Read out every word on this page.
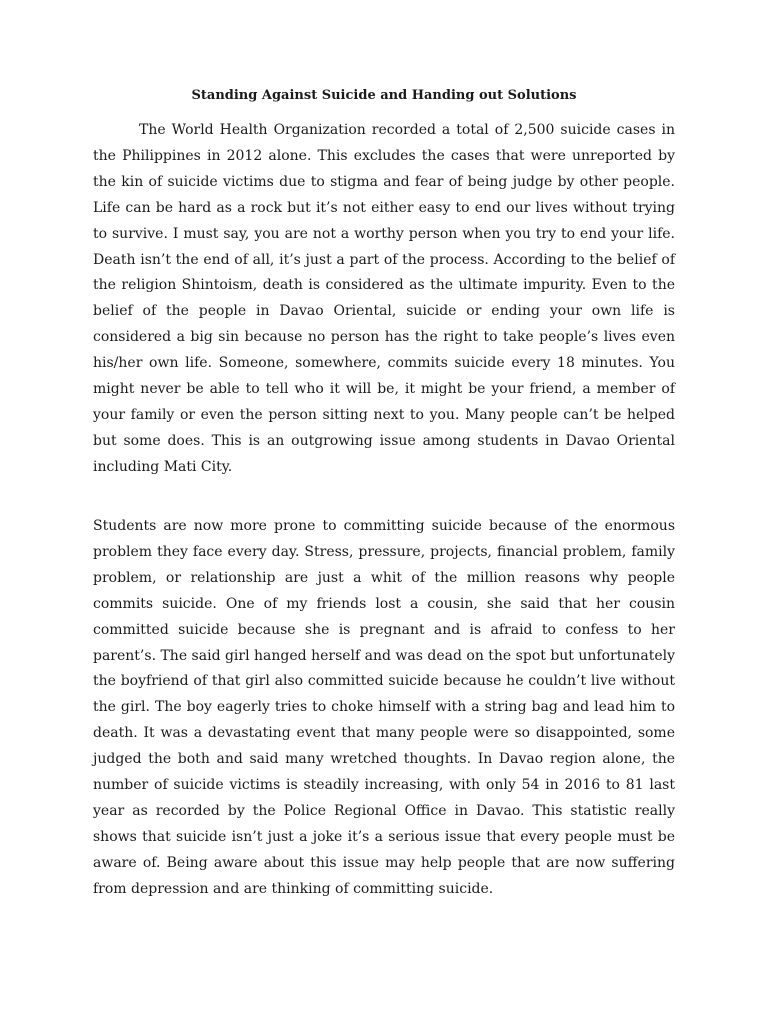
Standing Against Suicide and Handing out Solutions

The World Health Organization recorded a total of 2,500 suicide cases in the Philippines in 2012 alone. This excludes the cases that were unreported by the kin of suicide victims due to stigma and fear of being judge by other people. Life can be hard as a rock but it’s not either easy to end our lives without trying to survive. I must say, you are not a worthy person when you try to end your life. Death isn’t the end of all, it’s just a part of the process. According to the belief of the religion Shintoism, death is considered as the ultimate impurity. Even to the belief of the people in Davao Oriental, suicide or ending your own life is considered a big sin because no person has the right to take people’s lives even his/her own life. Someone, somewhere, commits suicide every 18 minutes. You might never be able to tell who it will be, it might be your friend, a member of your family or even the person sitting next to you. Many people can’t be helped but some does. This is an outgrowing issue among students in Davao Oriental including Mati City.

Students are now more prone to committing suicide because of the enormous problem they face every day. Stress, pressure, projects, financial problem, family problem, or relationship are just a whit of the million reasons why people commits suicide. One of my friends lost a cousin, she said that her cousin committed suicide because she is pregnant and is afraid to confess to her parent’s. The said girl hanged herself and was dead on the spot but unfortunately the boyfriend of that girl also committed suicide because he couldn’t live without the girl. The boy eagerly tries to choke himself with a string bag and lead him to death. It was a devastating event that many people were so disappointed, some judged the both and said many wretched thoughts. In Davao region alone, the number of suicide victims is steadily increasing, with only 54 in 2016 to 81 last year as recorded by the Police Regional Office in Davao. This statistic really shows that suicide isn’t just a joke it’s a serious issue that every people must be aware of. Being aware about this issue may help people that are now suffering from depression and are thinking of committing suicide.
